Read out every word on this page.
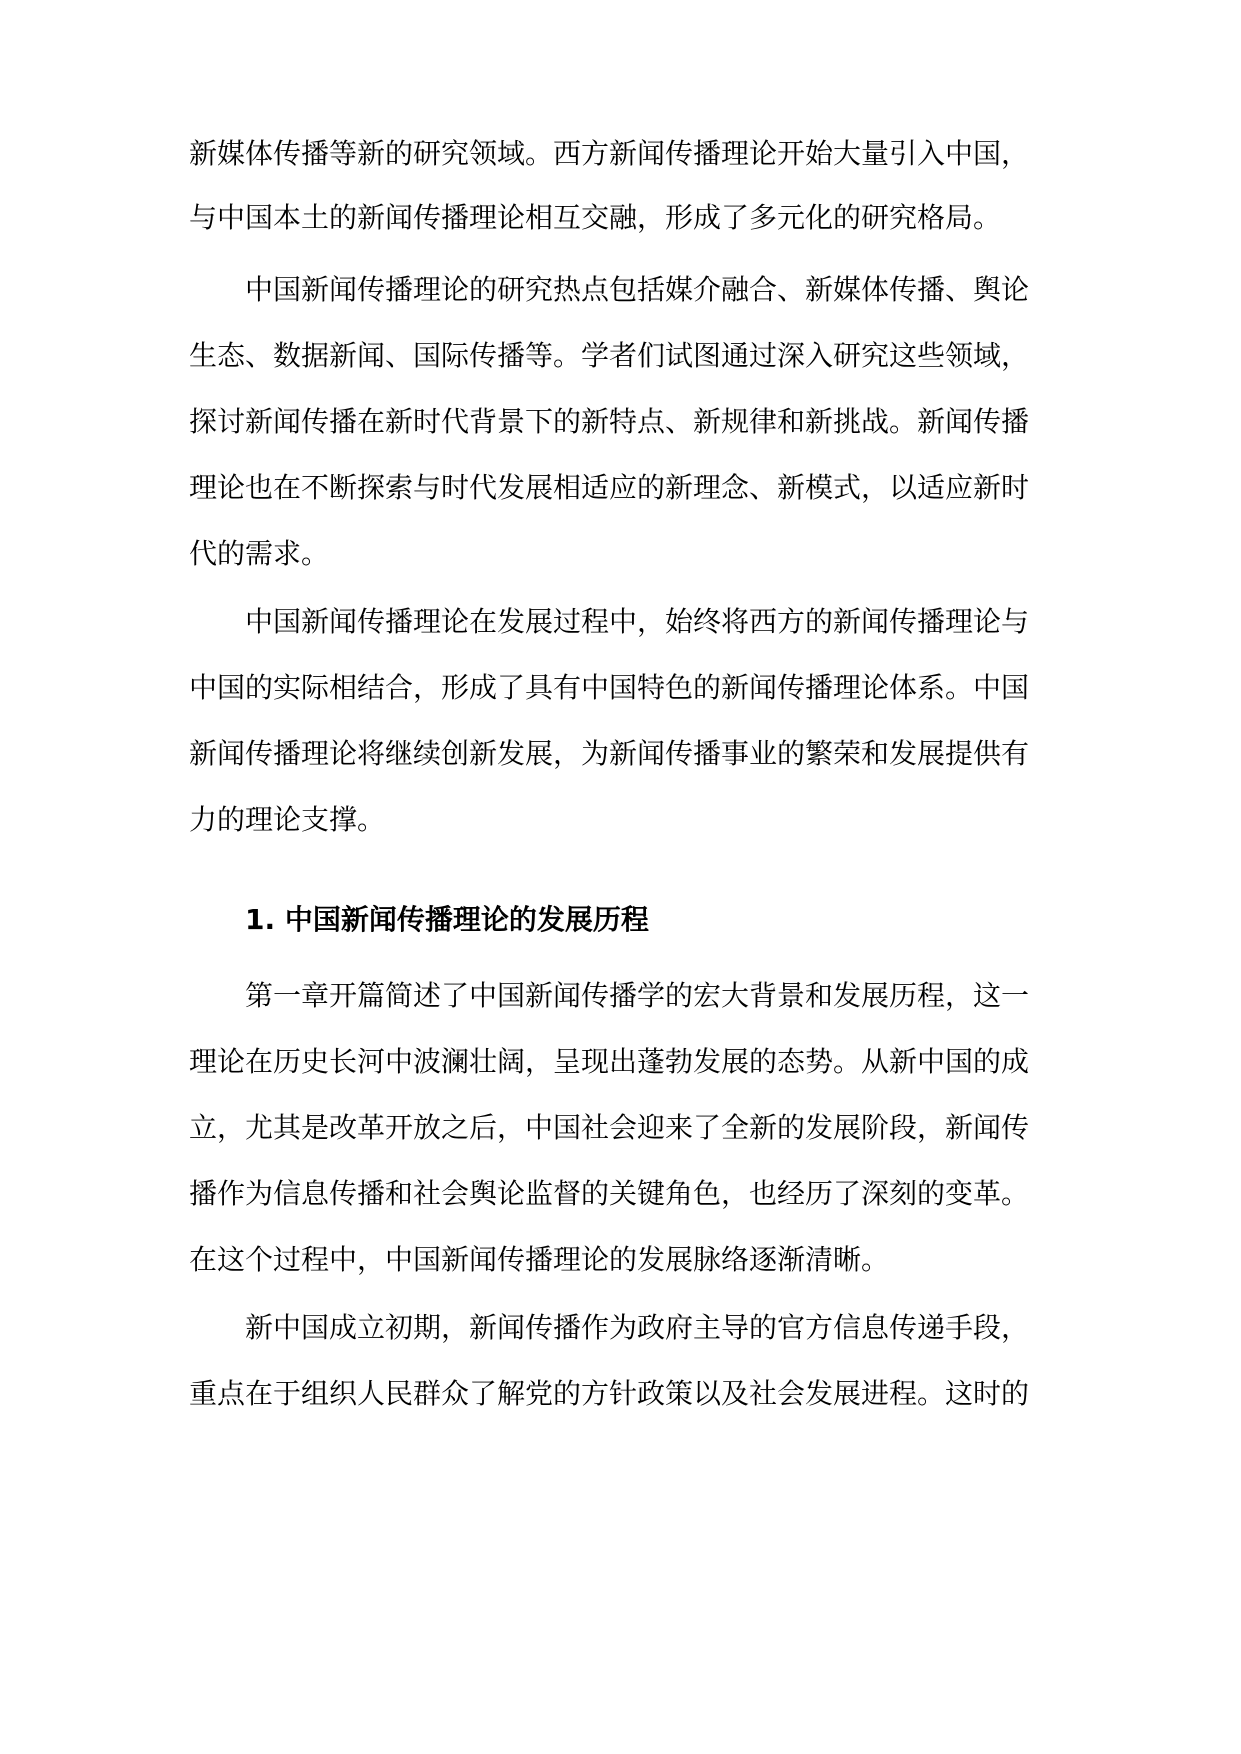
新媒体传播等新的研究领域。西方新闻传播理论开始大量引入中国，
与中国本土的新闻传播理论相互交融，形成了多元化的研究格局。
中国新闻传播理论的研究热点包括媒介融合、新媒体传播、舆论
生态、数据新闻、国际传播等。学者们试图通过深入研究这些领域，
探讨新闻传播在新时代背景下的新特点、新规律和新挑战。新闻传播
理论也在不断探索与时代发展相适应的新理念、新模式，以适应新时
代的需求。
中国新闻传播理论在发展过程中，始终将西方的新闻传播理论与
中国的实际相结合，形成了具有中国特色的新闻传播理论体系。中国
新闻传播理论将继续创新发展，为新闻传播事业的繁荣和发展提供有
力的理论支撑。
1. 中国新闻传播理论的发展历程
第一章开篇简述了中国新闻传播学的宏大背景和发展历程，这一
理论在历史长河中波澜壮阔，呈现出蓬勃发展的态势。从新中国的成
立，尤其是改革开放之后，中国社会迎来了全新的发展阶段，新闻传
播作为信息传播和社会舆论监督的关键角色，也经历了深刻的变革。
在这个过程中，中国新闻传播理论的发展脉络逐渐清晰。
新中国成立初期，新闻传播作为政府主导的官方信息传递手段，
重点在于组织人民群众了解党的方针政策以及社会发展进程。这时的
